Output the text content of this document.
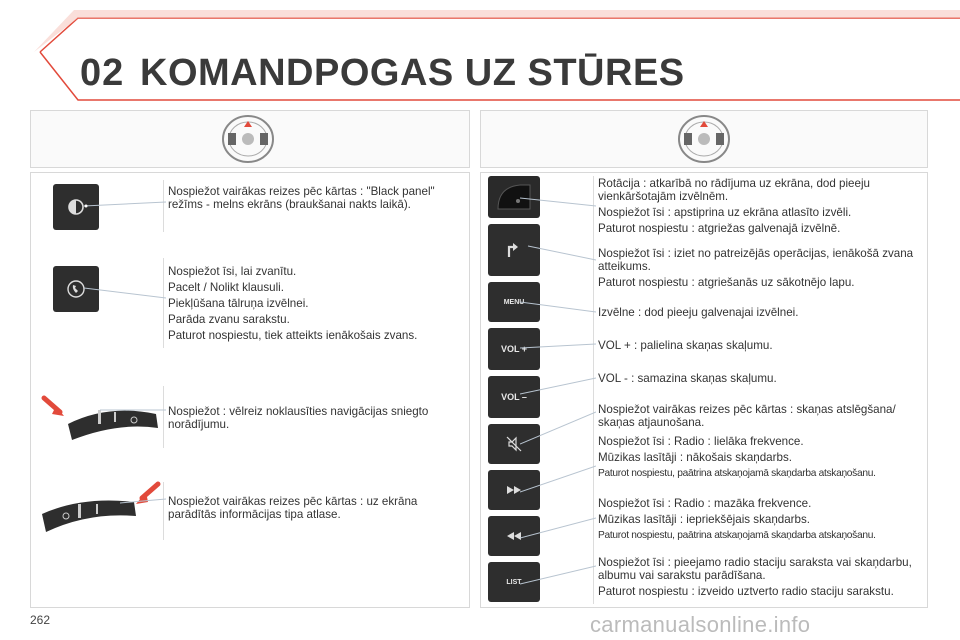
02 KOMANDPOGAS UZ STŪRES

Nospiežot vairākas reizes pēc kārtas : "Black panel" režīms - melns ekrāns (braukšanai nakts laikā).

Nospiežot īsi, lai zvanītu.

Pacelt / Nolikt klausuli.

Piekļūšana tālruņa izvēlnei.

Parāda zvanu sarakstu.

Paturot nospiestu, tiek atteikts ienākošais zvans.

Nospiežot : vēlreiz noklausīties navigācijas sniegto norādījumu.

Nospiežot vairākas reizes pēc kārtas : uz ekrāna parādītās informācijas tipa atlase.

MENU
VOL +
VOL –
LIST

Rotācija : atkarībā no rādījuma uz ekrāna, dod pieeju vienkāršotajām izvēlnēm.

Nospiežot īsi : apstiprina uz ekrāna atlasīto izvēli.

Paturot nospiestu : atgriežas galvenajā izvēlnē.

Nospiežot īsi : iziet no patreizējās operācijas, ienākošā zvana atteikums.

Paturot nospiestu : atgriešanās uz sākotnējo lapu.

Izvēlne : dod pieeju galvenajai izvēlnei.

VOL + : palielina skaņas skaļumu.

VOL - : samazina skaņas skaļumu.

Nospiežot vairākas reizes pēc kārtas : skaņas atslēgšana/ skaņas atjaunošana.

Nospiežot īsi : Radio : lielāka frekvence.

Mūzikas lasītāji : nākošais skaņdarbs.

Paturot nospiestu, paātrina atskaņojamā skaņdarba atskaņošanu.

Nospiežot īsi : Radio : mazāka frekvence.

Mūzikas lasītāji : iepriekšējais skaņdarbs.

Paturot nospiestu, paātrina atskaņojamā skaņdarba atskaņošanu.

Nospiežot īsi : pieejamo radio staciju saraksta vai skaņdarbu, albumu vai sarakstu parādīšana.

Paturot nospiestu : izveido uztverto radio staciju sarakstu.

262	carmanualsonline.info
